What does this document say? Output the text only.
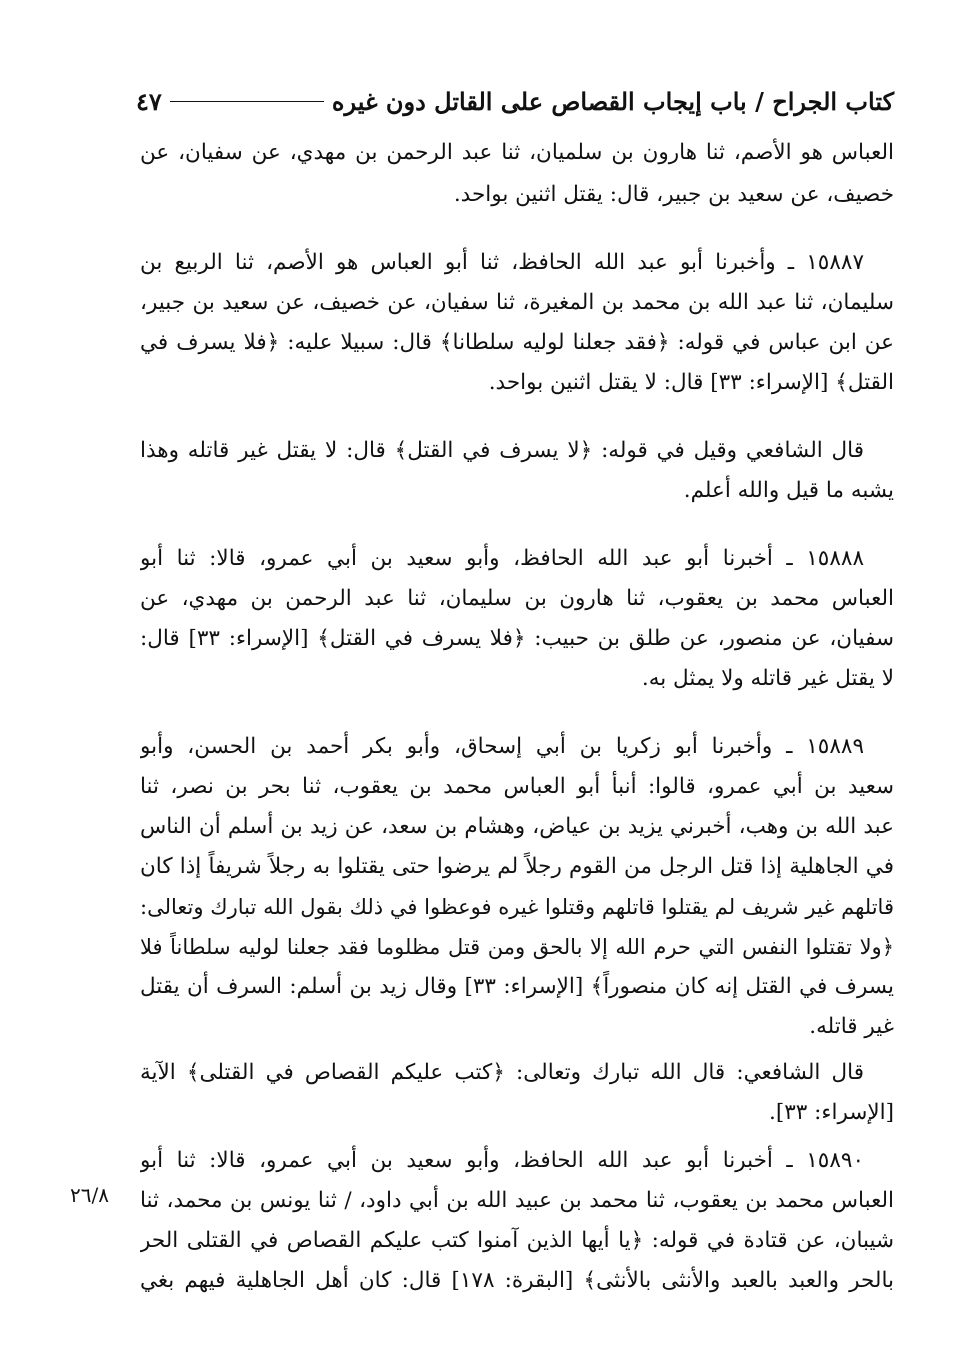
كتاب الجراح / باب إيجاب القصاص على القاتل دون غيره
٤٧
العباس هو الأصم، ثنا هارون بن سلميان، ثنا عبد الرحمن بن مهدي، عن سفيان، عن
خصيف، عن سعيد بن جبير، قال: يقتل اثنين بواحد.
١٥٨٨٧ ـ وأخبرنا أبو عبد الله الحافظ، ثنا أبو العباس هو الأصم، ثنا الربيع بن
سليمان، ثنا عبد الله بن محمد بن المغيرة، ثنا سفيان، عن خصيف، عن سعيد بن جبير،
عن ابن عباس في قوله: ﴿فقد جعلنا لوليه سلطانا﴾ قال: سبيلا عليه: ﴿فلا يسرف في
القتل﴾ [الإسراء: ٣٣] قال: لا يقتل اثنين بواحد.
قال الشافعي وقيل في قوله: ﴿لا يسرف في القتل﴾ قال: لا يقتل غير قاتله وهذا
يشبه ما قيل والله أعلم.
١٥٨٨٨ ـ أخبرنا أبو عبد الله الحافظ، وأبو سعيد بن أبي عمرو، قالا: ثنا أبو
العباس محمد بن يعقوب، ثنا هارون بن سليمان، ثنا عبد الرحمن بن مهدي، عن
سفيان، عن منصور، عن طلق بن حبيب: ﴿فلا يسرف في القتل﴾ [الإسراء: ٣٣] قال:
لا يقتل غير قاتله ولا يمثل به.
١٥٨٨٩ ـ وأخبرنا أبو زكريا بن أبي إسحاق، وأبو بكر أحمد بن الحسن، وأبو
سعيد بن أبي عمرو، قالوا: أنبأ أبو العباس محمد بن يعقوب، ثنا بحر بن نصر، ثنا
عبد الله بن وهب، أخبرني يزيد بن عياض، وهشام بن سعد، عن زيد بن أسلم أن الناس
في الجاهلية إذا قتل الرجل من القوم رجلاً لم يرضوا حتى يقتلوا به رجلاً شريفاً إذا كان
قاتلهم غير شريف لم يقتلوا قاتلهم وقتلوا غيره فوعظوا في ذلك بقول الله تبارك وتعالى:
﴿ولا تقتلوا النفس التي حرم الله إلا بالحق ومن قتل مظلوما فقد جعلنا لوليه سلطاناً فلا
يسرف في القتل إنه كان منصوراً﴾ [الإسراء: ٣٣] وقال زيد بن أسلم: السرف أن يقتل
غير قاتله.
قال الشافعي: قال الله تبارك وتعالى: ﴿كتب عليكم القصاص في القتلى﴾ الآية
[الإسراء: ٣٣].
١٥٨٩٠ ـ أخبرنا أبو عبد الله الحافظ، وأبو سعيد بن أبي عمرو، قالا: ثنا أبو
العباس محمد بن يعقوب، ثنا محمد بن عبيد الله بن أبي داود، / ثنا يونس بن محمد، ثنا
شيبان، عن قتادة في قوله: ﴿يا أيها الذين آمنوا كتب عليكم القصاص في القتلى الحر
بالحر والعبد بالعبد والأنثى بالأنثى﴾ [البقرة: ١٧٨] قال: كان أهل الجاهلية فيهم بغي
٢٦/٨
